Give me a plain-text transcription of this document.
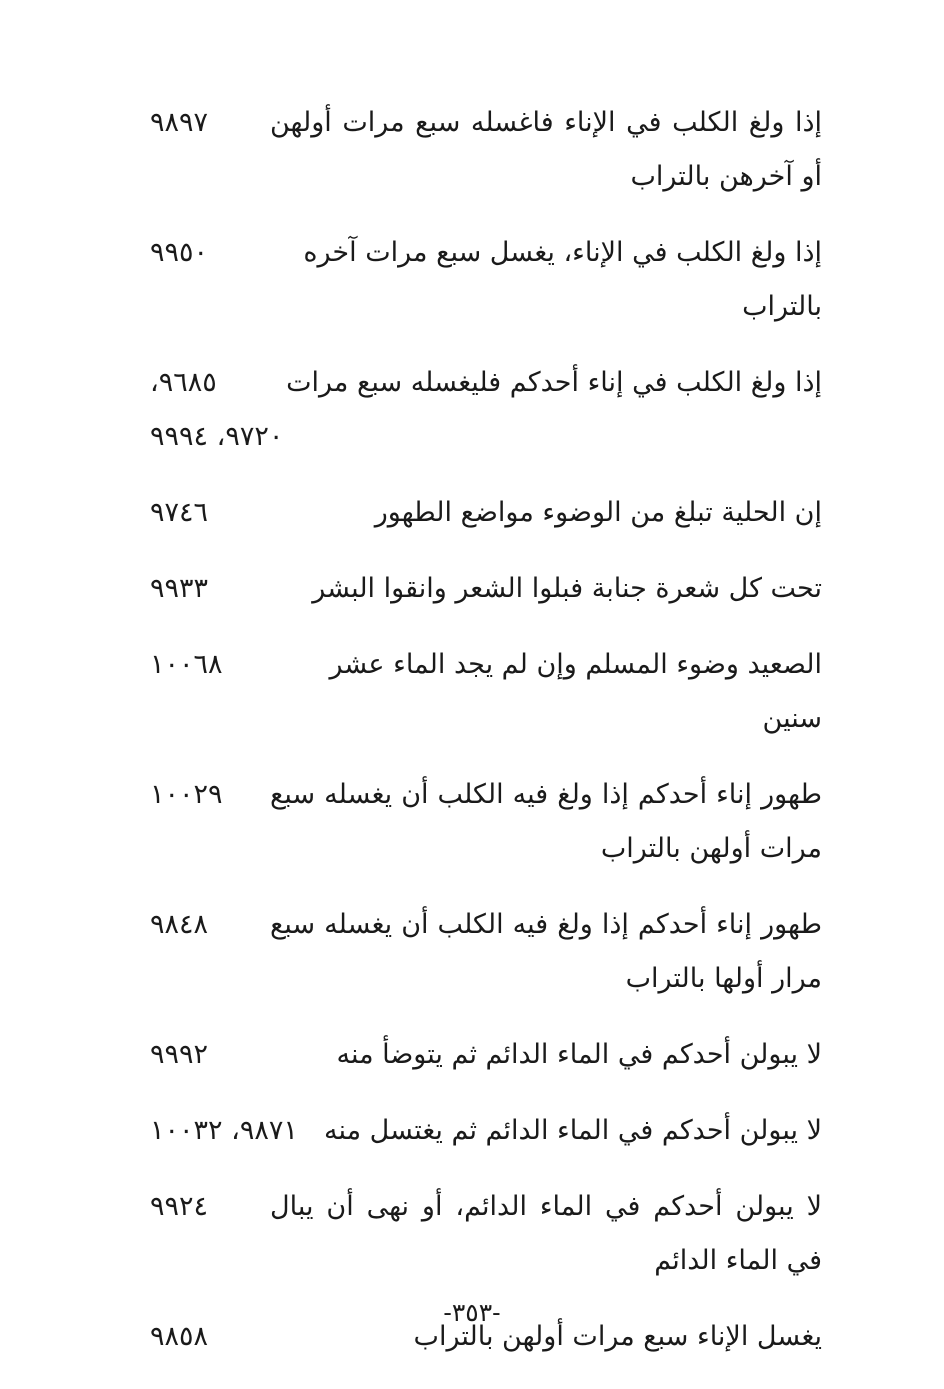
إذا ولغ الكلب في الإناء فاغسله سبع مرات أولهن أو آخرهن بالتراب
٩٨٩٧
إذا ولغ الكلب في الإناء، يغسل سبع مرات آخره بالتراب
٩٩٥٠
إذا ولغ الكلب في إناء أحدكم فليغسله سبع مرات
٩٦٨٥،
٩٧٢٠، ٩٩٩٤
إن الحلية تبلغ من الوضوء مواضع الطهور
٩٧٤٦
تحت كل شعرة جنابة فبلوا الشعر وانقوا البشر
٩٩٣٣
الصعيد وضوء المسلم وإن لم يجد الماء عشر سنين
١٠٠٦٨
طهور إناء أحدكم إذا ولغ فيه الكلب أن يغسله سبع مرات أولهن بالتراب
١٠٠٢٩
طهور إناء أحدكم إذا ولغ فيه الكلب أن يغسله سبع مرار أولها بالتراب
٩٨٤٨
لا يبولن أحدكم في الماء الدائم ثم يتوضأ منه
٩٩٩٢
لا يبولن أحدكم في الماء الدائم ثم يغتسل منه
٩٨٧١، ١٠٠٣٢
لا يبولن أحدكم في الماء الدائم، أو نهى أن يبال في الماء الدائم
٩٩٢٤
يغسل الإناء سبع مرات أولهن بالتراب
٩٨٥٨
-٣٥٣-
